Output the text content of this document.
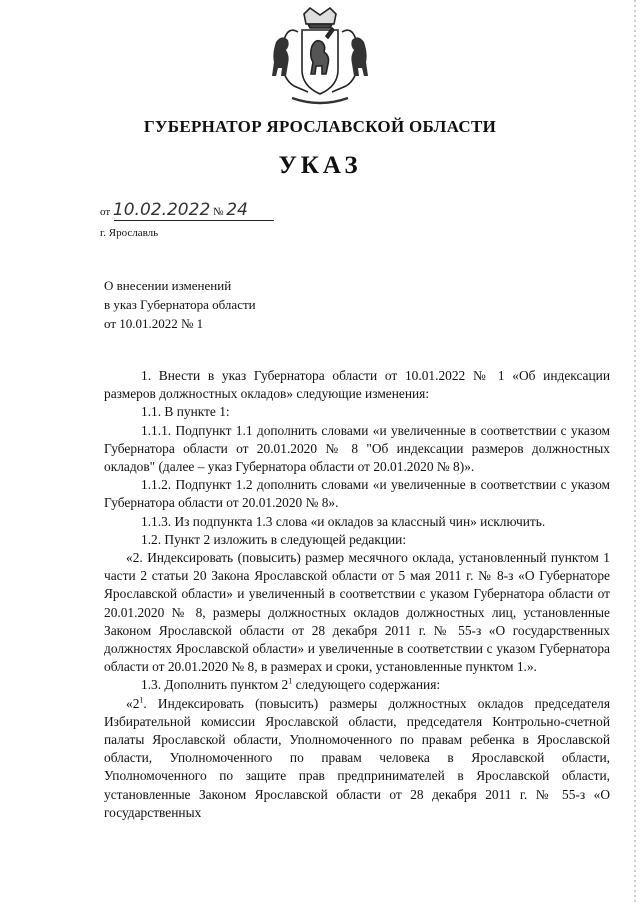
ГУБЕРНАТОР ЯРОСЛАВСКОЙ ОБЛАСТИ
УКАЗ
от 10.02.2022 № 24
г. Ярославль
О внесении изменений
в указ Губернатора области
от 10.01.2022 № 1

1. Внести в указ Губернатора области от 10.01.2022 № 1 «Об индексации размеров должностных окладов» следующие изменения:

1.1. В пункте 1:

1.1.1. Подпункт 1.1 дополнить словами «и увеличенные в соответствии с указом Губернатора области от 20.01.2020 № 8 "Об индексации размеров должностных окладов" (далее – указ Губернатора области от 20.01.2020 № 8)».

1.1.2. Подпункт 1.2 дополнить словами «и увеличенные в соответствии с указом Губернатора области от 20.01.2020 № 8».

1.1.3. Из подпункта 1.3 слова «и окладов за классный чин» исключить.

1.2. Пункт 2 изложить в следующей редакции:

«2. Индексировать (повысить) размер месячного оклада, установленный пунктом 1 части 2 статьи 20 Закона Ярославской области от 5 мая 2011 г. № 8-з «О Губернаторе Ярославской области» и увеличенный в соответствии с указом Губернатора области от 20.01.2020 № 8, размеры должностных окладов должностных лиц, установленные Законом Ярославской области от 28 декабря 2011 г. № 55-з «О государственных должностях Ярославской области» и увеличенные в соответствии с указом Губернатора области от 20.01.2020 № 8, в размерах и сроки, установленные пунктом 1.».

1.3. Дополнить пунктом $2^1$ следующего содержания:

«$2^1$. Индексировать (повысить) размеры должностных окладов председателя Избирательной комиссии Ярославской области, председателя Контрольно-счетной палаты Ярославской области, Уполномоченного по правам ребенка в Ярославской области, Уполномоченного по правам человека в Ярославской области, Уполномоченного по защите прав предпринимателей в Ярославской области, установленные Законом Ярославской области от 28 декабря 2011 г. № 55-з «О государственных
